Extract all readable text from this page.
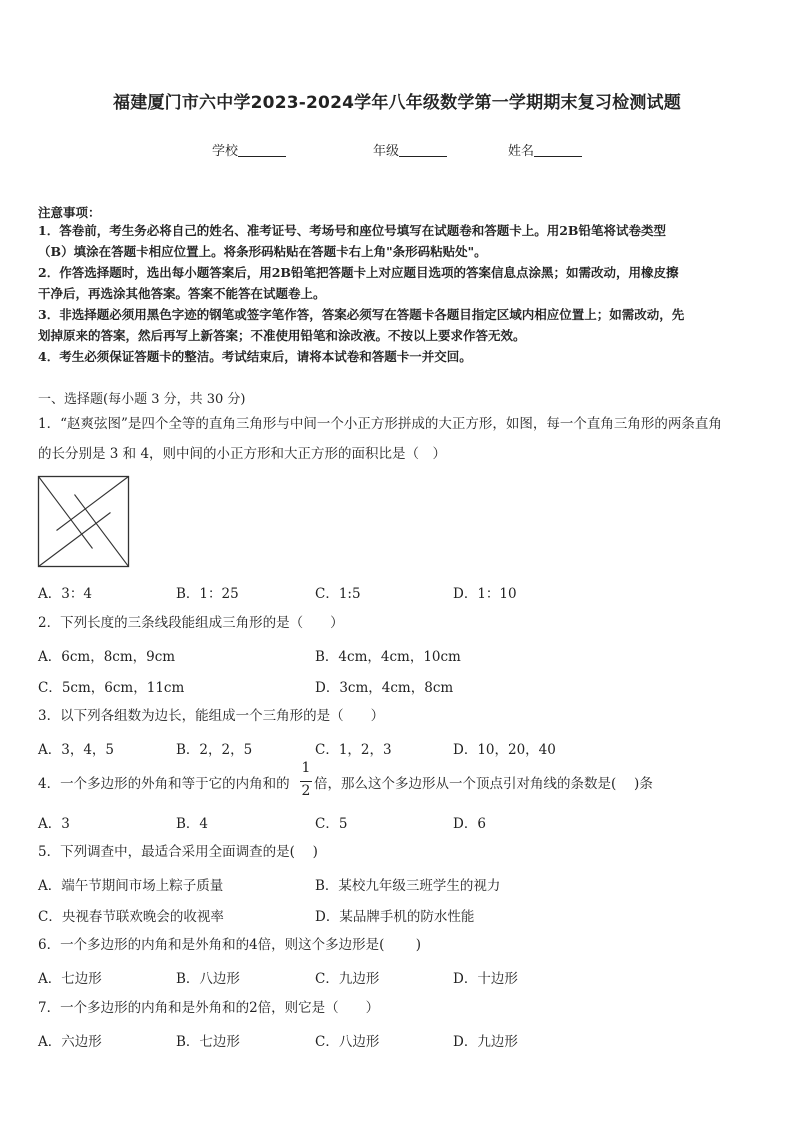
福建厦门市六中学2023-2024学年八年级数学第一学期期末复习检测试题
学校	年级	姓名
注意事项：
1．答卷前，考生务必将自己的姓名、准考证号、考场号和座位号填写在试题卷和答题卡上。用2B铅笔将试卷类型
（B）填涂在答题卡相应位置上。将条形码粘贴在答题卡右上角"条形码粘贴处"。
2．作答选择题时，选出每小题答案后，用2B铅笔把答题卡上对应题目选项的答案信息点涂黑；如需改动，用橡皮擦
干净后，再选涂其他答案。答案不能答在试题卷上。
3．非选择题必须用黑色字迹的钢笔或签字笔作答，答案必须写在答题卡各题目指定区域内相应位置上；如需改动，先
划掉原来的答案，然后再写上新答案；不准使用铅笔和涂改液。不按以上要求作答无效。
4．考生必须保证答题卡的整洁。考试结束后，请将本试卷和答题卡一并交回。
一、选择题(每小题 3 分，共 30 分)
1．“赵爽弦图”是四个全等的直角三角形与中间一个小正方形拼成的大正方形，如图，每一个直角三角形的两条直角
的长分别是 3 和 4，则中间的小正方形和大正方形的面积比是（　）
A．3：4	B．1：25	C．1:5	D．1：10
2．下列长度的三条线段能组成三角形的是（　　）
A．6cm，8cm，9cm	B．4cm，4cm，10cm
C．5cm，6cm，11cm	D．3cm，4cm，8cm
3．以下列各组数为边长，能组成一个三角形的是（　　）
A．3，4，5	B．2，2，5	C．1，2，3	D．10，20，40
4．一个多边形的外角和等于它的内角和的
1
2 倍，那么这个多边形从一个顶点引对角线的条数是(　 )条
A．3	B．4	C．5	D．6
5．下列调查中，最适合采用全面调查的是(　 )
A．端午节期间市场上粽子质量	B．某校九年级三班学生的视力
C．央视春节联欢晚会的收视率	D．某品牌手机的防水性能
6．一个多边形的内角和是外角和的4倍，则这个多边形是(　　 )
A．七边形	B．八边形	C．九边形	D．十边形
7．一个多边形的内角和是外角和的2倍，则它是（　　）
A．六边形	B．七边形	C．八边形	D．九边形
